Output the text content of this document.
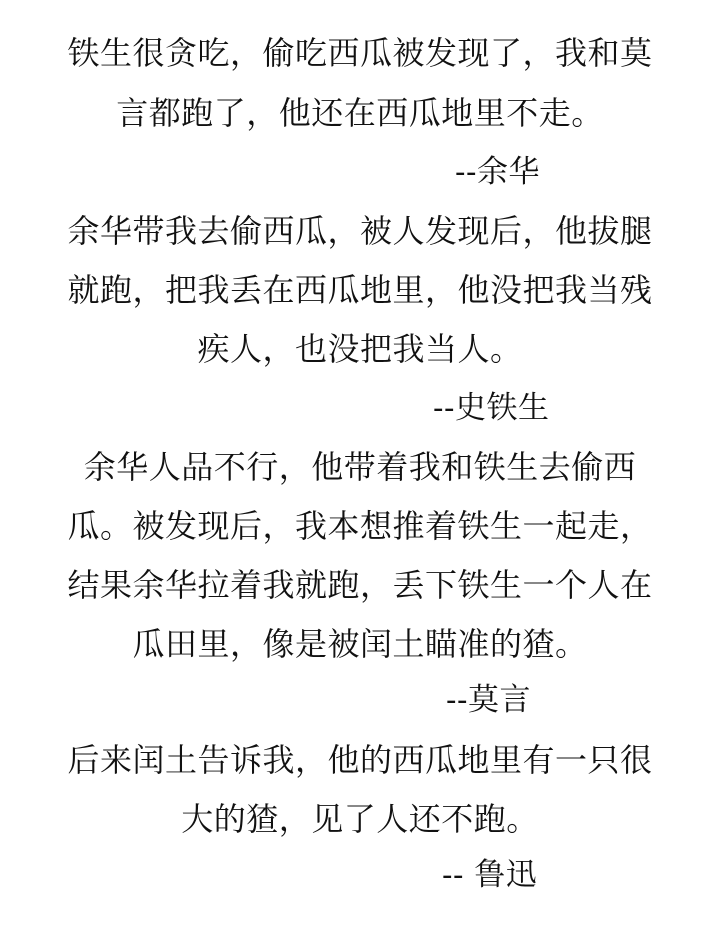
铁生很贪吃，偷吃西瓜被发现了，我和莫
言都跑了，他还在西瓜地里不走。
--余华
余华带我去偷西瓜，被人发现后，他拔腿
就跑，把我丢在西瓜地里，他没把我当残
疾人，也没把我当人。
--史铁生
余华人品不行，他带着我和铁生去偷西
瓜。被发现后，我本想推着铁生一起走，
结果余华拉着我就跑，丢下铁生一个人在
瓜田里，像是被闰土瞄准的猹。
--莫言
后来闰土告诉我，他的西瓜地里有一只很
大的猹，见了人还不跑。
-- 鲁迅
